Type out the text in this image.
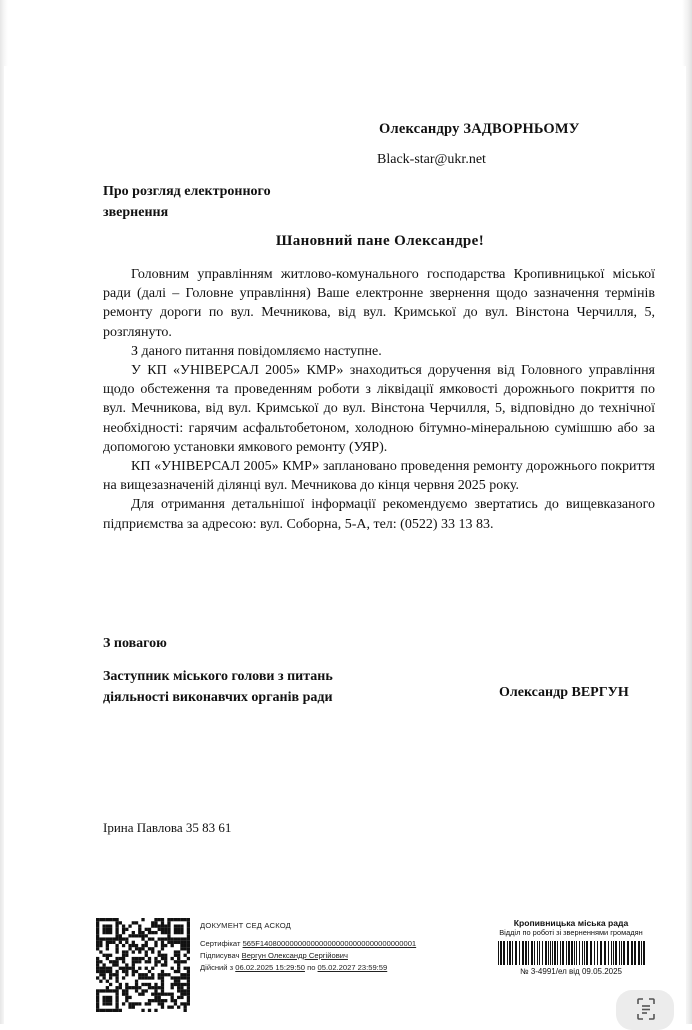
Олександру ЗАДВОРНЬОМУ
Black-star@ukr.net
Про розгляд електронного
звернення
Шановний пане Олександре!

Головним управлінням житлово-комунального господарства Кропивницької міської ради (далі – Головне управління) Ваше електронне звернення щодо зазначення термінів ремонту дороги по вул. Мечникова, від вул. Кримської до вул. Вінстона Черчилля, 5, розглянуто.

З даного питання повідомляємо наступне.

У КП «УНІВЕРСАЛ 2005» КМР» знаходиться доручення від Головного управління щодо обстеження та проведенням роботи з ліквідації ямковості дорожнього покриття по вул. Мечникова, від вул. Кримської до вул. Вінстона Черчилля, 5, відповідно до технічної необхідності: гарячим асфальтобетоном, холодною бітумно-мінеральною сумішшю або за допомогою установки ямкового ремонту (УЯР).

КП «УНІВЕРСАЛ 2005» КМР» заплановано проведення ремонту дорожнього покриття на вищезазначеній ділянці вул. Мечникова до кінця червня 2025 року.

Для отримання детальнішої інформації рекомендуємо звертатись до вищевказаного підприємства за адресою: вул. Соборна, 5-А, тел: (0522) 33 13 83.

З повагою
Заступник міського голови з питань
діяльності виконавчих органів ради	Олександр ВЕРГУН
Ірина Павлова 35 83 61
ДОКУМЕНТ СЕД АСКОД
Сертифікат 565F1408000000000000000000000000000000001
Підписувач Вергун Олександр Сергійович
Дійсний з 06.02.2025 15:29:50 по 05.02.2027 23:59:59
Кропивницька міська рада
Відділ по роботі зі зверненнями громадян
№ 3-4991/ел від 09.05.2025
